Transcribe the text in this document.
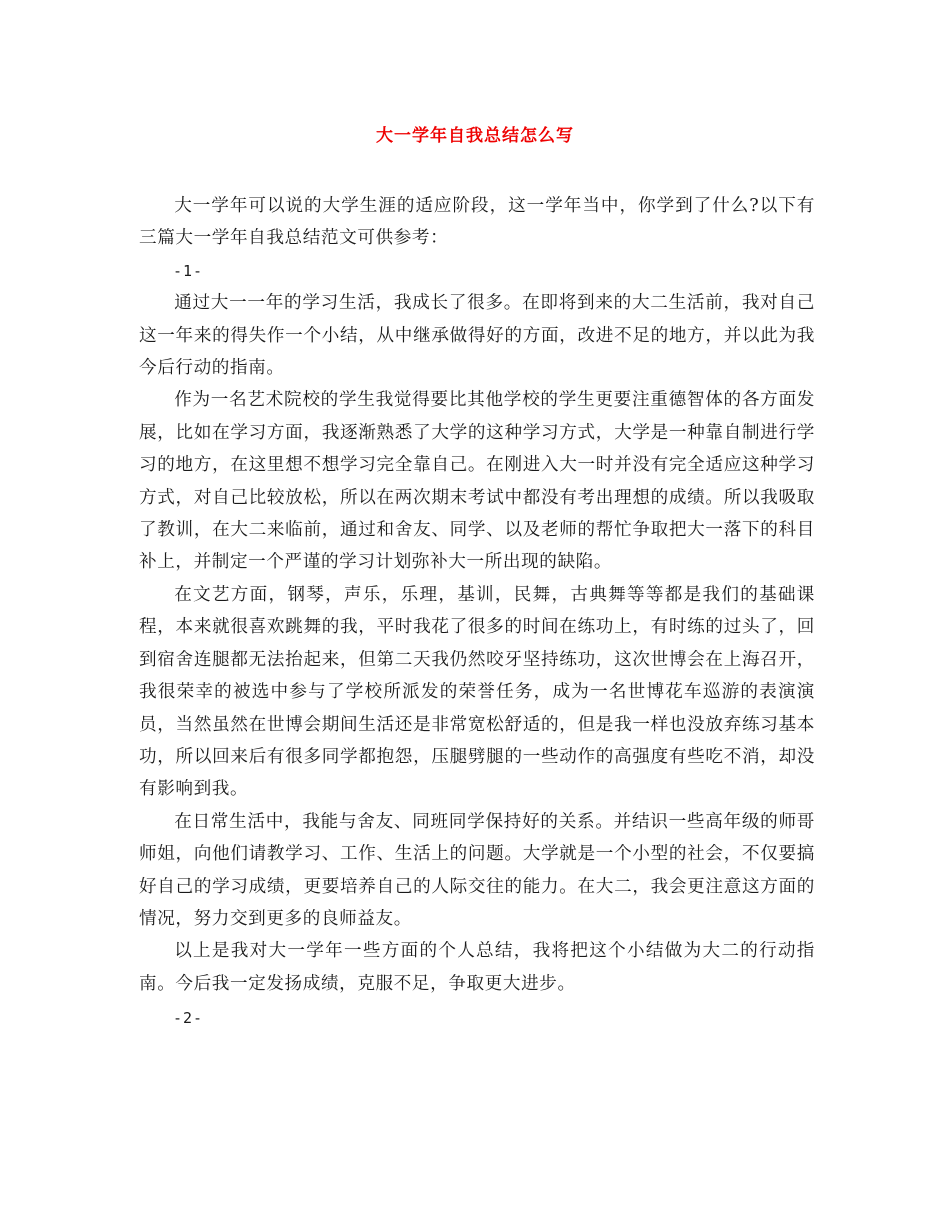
大一学年自我总结怎么写

大一学年可以说的大学生涯的适应阶段，这一学年当中，你学到了什么?以下有三篇大一学年自我总结范文可供参考：

-1-

通过大一一年的学习生活，我成长了很多。在即将到来的大二生活前，我对自己这一年来的得失作一个小结，从中继承做得好的方面，改进不足的地方，并以此为我今后行动的指南。

作为一名艺术院校的学生我觉得要比其他学校的学生更要注重德智体的各方面发展，比如在学习方面，我逐渐熟悉了大学的这种学习方式，大学是一种靠自制进行学习的地方，在这里想不想学习完全靠自己。在刚进入大一时并没有完全适应这种学习方式，对自己比较放松，所以在两次期末考试中都没有考出理想的成绩。所以我吸取了教训，在大二来临前，通过和舍友、同学、以及老师的帮忙争取把大一落下的科目补上，并制定一个严谨的学习计划弥补大一所出现的缺陷。

在文艺方面，钢琴，声乐，乐理，基训，民舞，古典舞等等都是我们的基础课程，本来就很喜欢跳舞的我，平时我花了很多的时间在练功上，有时练的过头了，回到宿舍连腿都无法抬起来，但第二天我仍然咬牙坚持练功，这次世博会在上海召开，我很荣幸的被选中参与了学校所派发的荣誉任务，成为一名世博花车巡游的表演演员，当然虽然在世博会期间生活还是非常宽松舒适的，但是我一样也没放弃练习基本功，所以回来后有很多同学都抱怨，压腿劈腿的一些动作的高强度有些吃不消，却没有影响到我。

在日常生活中，我能与舍友、同班同学保持好的关系。并结识一些高年级的师哥师姐，向他们请教学习、工作、生活上的问题。大学就是一个小型的社会，不仅要搞好自己的学习成绩，更要培养自己的人际交往的能力。在大二，我会更注意这方面的情况，努力交到更多的良师益友。

以上是我对大一学年一些方面的个人总结，我将把这个小结做为大二的行动指南。今后我一定发扬成绩，克服不足，争取更大进步。

-2-
